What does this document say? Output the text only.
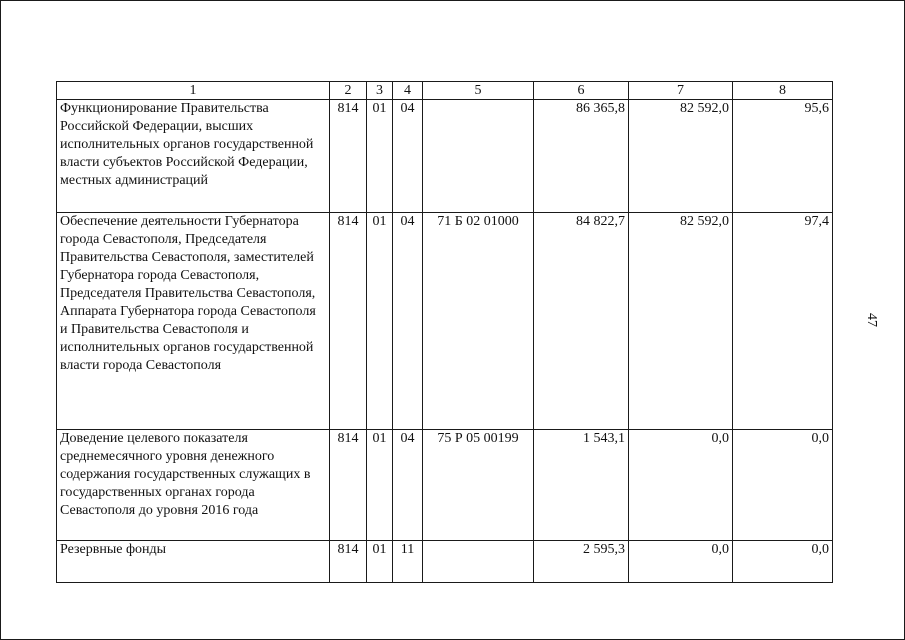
1	2	3	4	5	6	7	8
Функционирование Правительства Российской Федерации, высших исполнительных органов государственной власти субъектов Российской Федерации, местных администраций	814	01	04		86 365,8	82 592,0	95,6
Обеспечение деятельности Губернатора города Севастополя, Председателя Правительства Севастополя, заместителей Губернатора города Севастополя, Председателя Правительства Севастополя, Аппарата Губернатора города Севастополя и Правительства Севастополя и исполнительных органов государственной власти города Севастополя	814	01	04	71 Б 02 01000	84 822,7	82 592,0	97,4
Доведение целевого показателя среднемесячного уровня денежного содержания государственных служащих в государственных органах города Севастополя до уровня 2016 года	814	01	04	75 Р 05 00199	1 543,1	0,0	0,0
Резервные фонды	814	01	11		2 595,3	0,0	0,0
47
